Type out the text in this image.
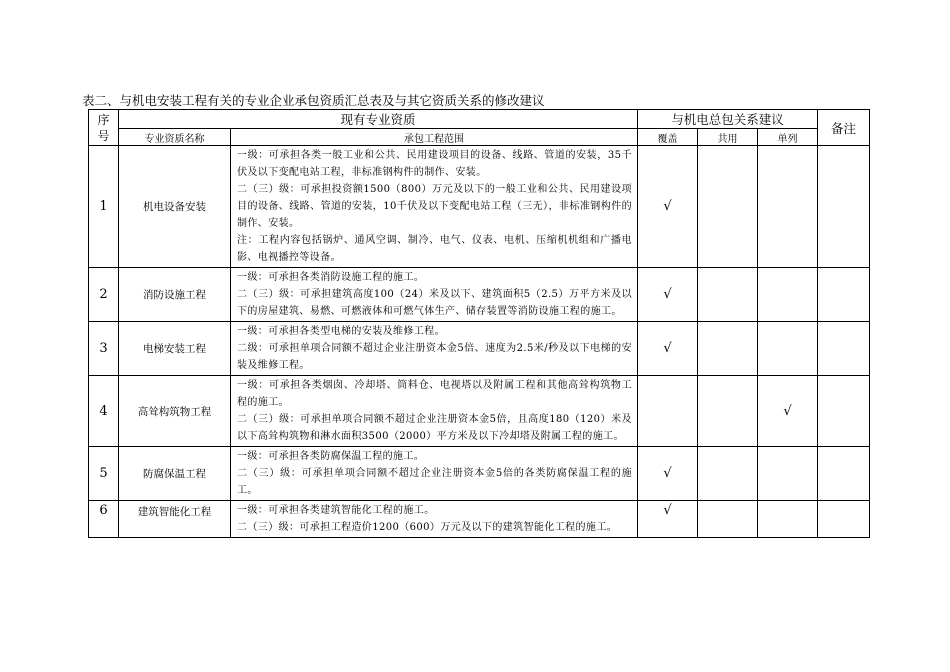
表二、与机电安装工程有关的专业企业承包资质汇总表及与其它资质关系的修改建议
序
号	现有专业资质		与机电总包关系建议			备注
	专业资质名称	承包工程范围	覆盖	共用	单列	
1	机电设备安装	一级：可承担各类一般工业和公共、民用建设项目的设备、线路、管道的安装，35千伏及以下变配电站工程，非标准钢构件的制作、安装。

二（三）级：可承担投资额1500（800）万元及以下的一般工业和公共、民用建设项目的设备、线路、管道的安装，10千伏及以下变配电站工程（三无），非标准钢构件的制作、安装。

注：工程内容包括锅炉、通风空调、制冷、电气、仪表、电机、压缩机机组和广播电影、电视播控等设备。	√			
2	消防设施工程	一级：可承担各类消防设施工程的施工。

二（三）级：可承担建筑高度100（24）米及以下、建筑面积5（2.5）万平方米及以下的房屋建筑、易燃、可燃液体和可燃气体生产、储存装置等消防设施工程的施工。	√			
3	电梯安装工程	一级：可承担各类型电梯的安装及维修工程。

二级：可承担单项合同额不超过企业注册资本金5倍、速度为2.5米/秒及以下电梯的安装及维修工程。	√			
4	高耸构筑物工程	一级：可承担各类烟囱、冷却塔、筒料仓、电视塔以及附属工程和其他高耸构筑物工程的施工。

二（三）级：可承担单项合同额不超过企业注册资本金5倍，且高度180（120）米及以下高耸构筑物和淋水面积3500（2000）平方米及以下冷却塔及附属工程的施工。			√	
5	防腐保温工程	一级：可承担各类防腐保温工程的施工。

二（三）级：可承担单项合同额不超过企业注册资本金5倍的各类防腐保温工程的施工。	√			
6	建筑智能化工程	一级：可承担各类建筑智能化工程的施工。

二（三）级：可承担工程造价1200（600）万元及以下的建筑智能化工程的施工。	√			
